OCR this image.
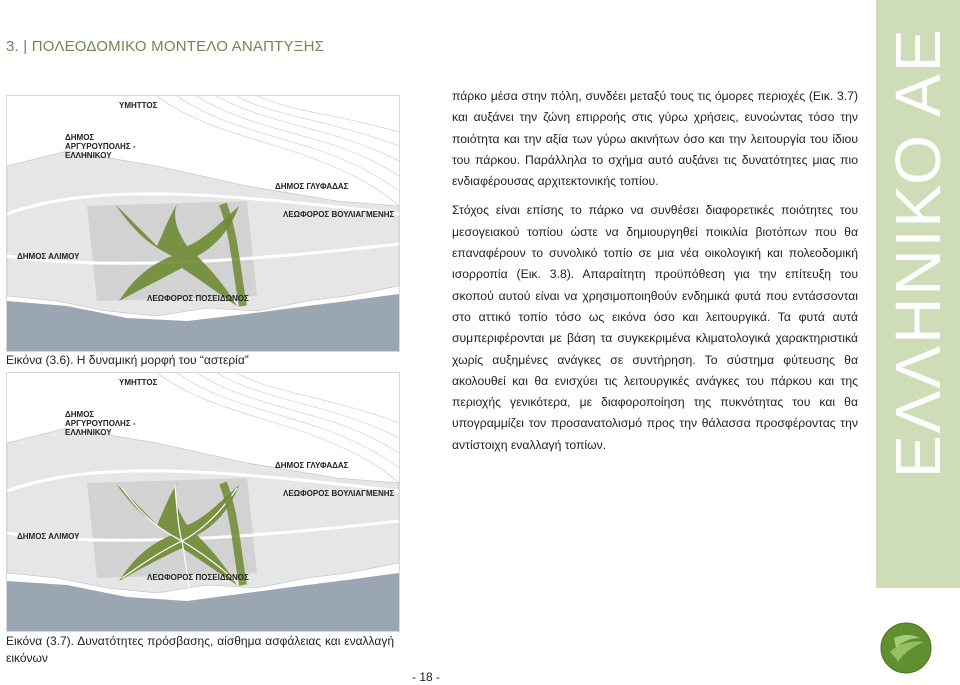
3. | ΠΟΛΕΟΔΟΜΙΚΟ ΜΟΝΤΕΛΟ ΑΝΑΠΤΥΞΗΣ
ΥΜΗΤΤΟΣ
ΔΗΜΟΣ
ΑΡΓΥΡΟΥΠΟΛΗΣ -
ΕΛΛΗΝΙΚΟΥ
ΔΗΜΟΣ ΓΛΥΦΑΔΑΣ
ΛΕΩΦΟΡΟΣ ΒΟΥΛΙΑΓΜΕΝΗΣ
ΔΗΜΟΣ ΑΛΙΜΟΥ
ΛΕΩΦΟΡΟΣ ΠΟΣΕΙΔΩΝΟΣ
Εικόνα (3.6). Η δυναμική μορφή του “αστερία”
ΥΜΗΤΤΟΣ
ΔΗΜΟΣ
ΑΡΓΥΡΟΥΠΟΛΗΣ -
ΕΛΛΗΝΙΚΟΥ
ΔΗΜΟΣ ΓΛΥΦΑΔΑΣ
ΛΕΩΦΟΡΟΣ ΒΟΥΛΙΑΓΜΕΝΗΣ
ΔΗΜΟΣ ΑΛΙΜΟΥ
ΛΕΩΦΟΡΟΣ ΠΟΣΕΙΔΩΝΟΣ
Εικόνα (3.7). Δυνατότητες πρόσβασης, αίσθημα ασφάλειας και εναλλαγή εικόνων

πάρκο μέσα στην πόλη, συνδέει μεταξύ τους τις όμορες περιοχές (Εικ. 3.7) και αυξάνει την ζώνη επιρροής στις γύρω χρήσεις, ευνοώντας τόσο την ποιότητα και την αξία των γύρω ακινήτων όσο και την λειτουργία του ίδιου του πάρκου. Παράλληλα το σχήμα αυτό αυξάνει τις δυνατότητες μιας πιο ενδιαφέρουσας αρχιτεκτονικής τοπίου.

Στόχος είναι επίσης το πάρκο να συνθέσει διαφορετικές ποιότητες του μεσογειακού τοπίου ώστε να δημιουργηθεί ποικιλία βιοτόπων που θα επαναφέρουν το συνολικό τοπίο σε μια νέα οικολογική και πολεοδομική ισορροπία (Εικ. 3.8). Απαραίτητη προϋπόθεση για την επίτευξη του σκοπού αυτού είναι να χρησιμοποιηθούν ενδημικά φυτά που εντάσσονται στο αττικό τοπίο τόσο ως εικόνα όσο και λειτουργικά. Τα φυτά αυτά συμπεριφέρονται με βάση τα συγκεκριμένα κλιματολογικά χαρακτηριστικά χωρίς αυξημένες ανάγκες σε συντήρηση. Το σύστημα φύτευσης θα ακολουθεί και θα ενισχύει τις λειτουργικές ανάγκες του πάρκου και της περιοχής γενικότερα, με διαφοροποίηση της πυκνότητας του και θα υπογραμμίζει τον προσανατολισμό προς την θάλασσα προσφέροντας την αντίστοιχη εναλλαγή τοπίων.	ΕΛΛΗΝΙΚΟ ΑΕ
- 18 -
